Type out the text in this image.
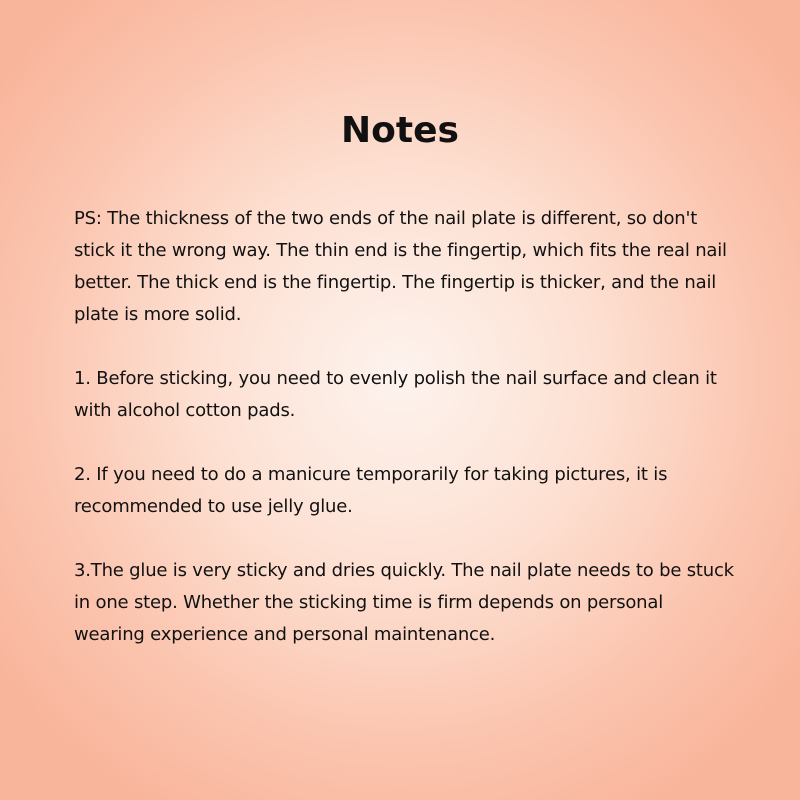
Notes

PS: The thickness of the two ends of the nail plate is different, so don't stick it the wrong way. The thin end is the fingertip, which fits the real nail better. The thick end is the fingertip. The fingertip is thicker, and the nail plate is more solid.

1. Before sticking, you need to evenly polish the nail surface and clean it with alcohol cotton pads.

2. If you need to do a manicure temporarily for taking pictures, it is recommended to use jelly glue.

3.The glue is very sticky and dries quickly. The nail plate needs to be stuck in one step. Whether the sticking time is firm depends on personal wearing experience and personal maintenance.
